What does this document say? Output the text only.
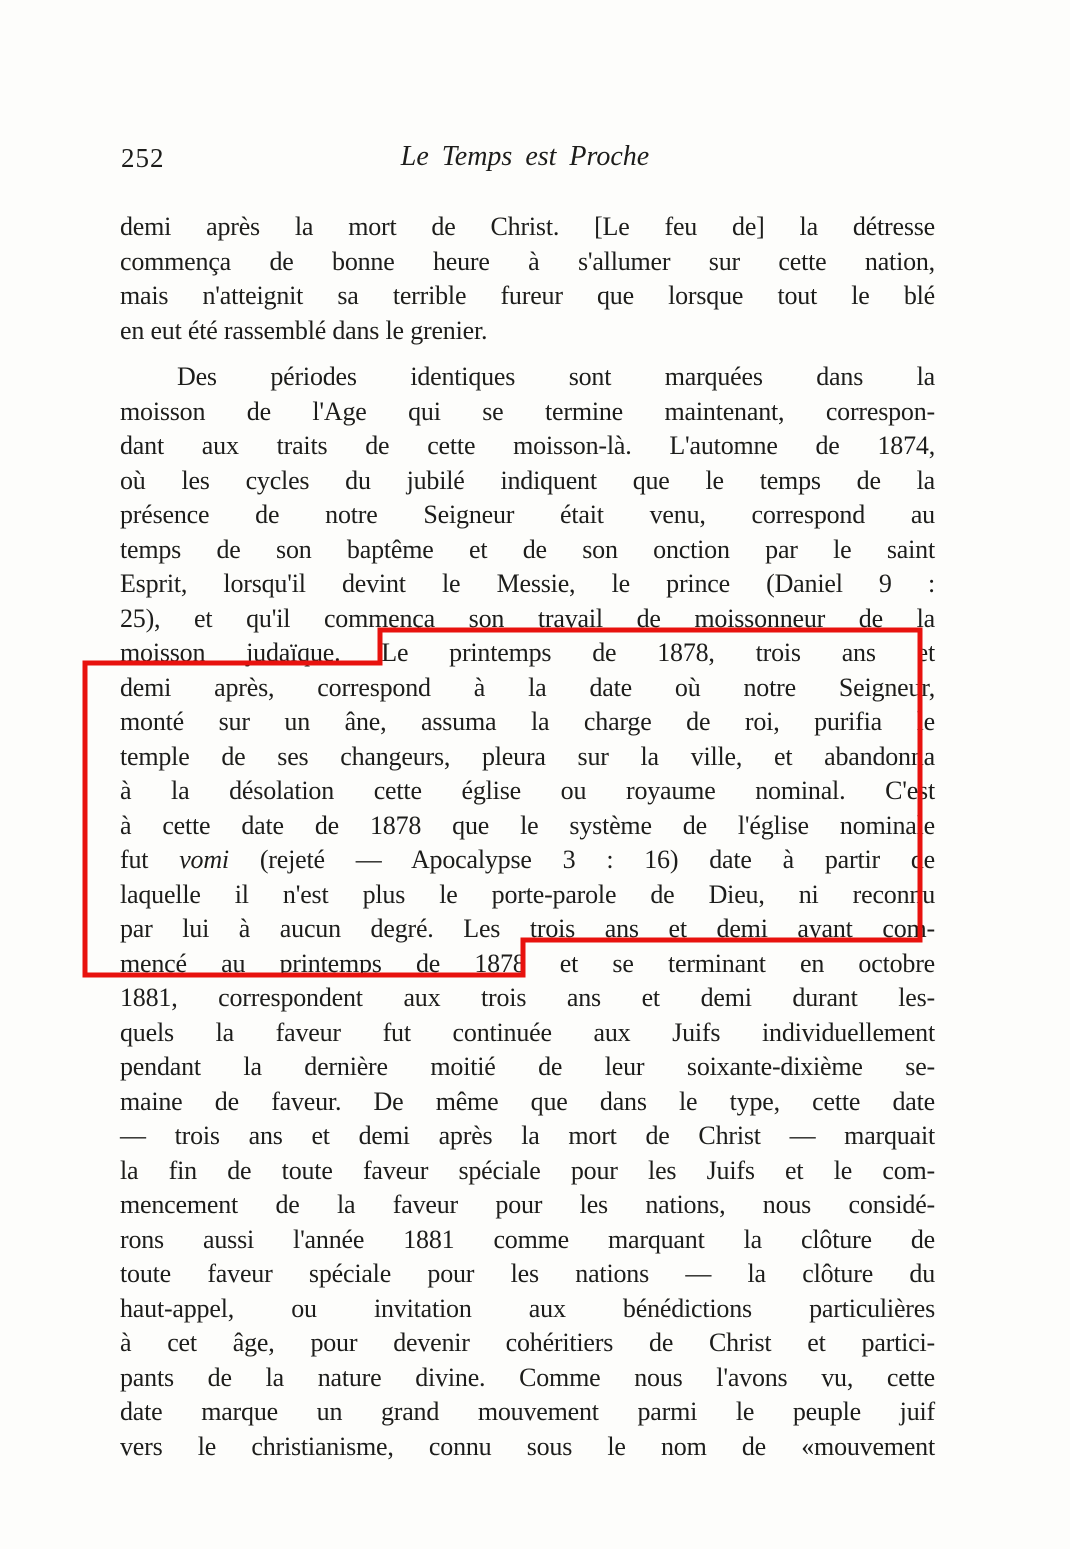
252	Le Temps est Proche
demi après la mort de Christ. [Le feu de] la détresse
commença de bonne heure à s'allumer sur cette nation,
mais n'atteignit sa terrible fureur que lorsque tout le blé
en eut été rassemblé dans le grenier.
Des périodes identiques sont marquées dans la
moisson de l'Age qui se termine maintenant, correspon-
dant aux traits de cette moisson-là. L'automne de 1874,
où les cycles du jubilé indiquent que le temps de la
présence de notre Seigneur était venu, correspond au
temps de son baptême et de son onction par le saint
Esprit, lorsqu'il devint le Messie, le prince (Daniel 9 :
25), et qu'il commença son travail de moissonneur de la
moisson judaïque. Le printemps de 1878, trois ans et
demi après, correspond à la date où notre Seigneur,
monté sur un âne, assuma la charge de roi, purifia le
temple de ses changeurs, pleura sur la ville, et abandonna
à la désolation cette église ou royaume nominal. C'est
à cette date de 1878 que le système de l'église nominale
fut vomi (rejeté — Apocalypse 3 : 16) date à partir de
laquelle il n'est plus le porte-parole de Dieu, ni reconnu
par lui à aucun degré. Les trois ans et demi ayant com-
mencé au printemps de 1878 et se terminant en octobre
1881, correspondent aux trois ans et demi durant les-
quels la faveur fut continuée aux Juifs individuellement
pendant la dernière moitié de leur soixante-dixième se-
maine de faveur. De même que dans le type, cette date
— trois ans et demi après la mort de Christ — marquait
la fin de toute faveur spéciale pour les Juifs et le com-
mencement de la faveur pour les nations, nous considé-
rons aussi l'année 1881 comme marquant la clôture de
toute faveur spéciale pour les nations — la clôture du
haut-appel, ou invitation aux bénédictions particulières
à cet âge, pour devenir cohéritiers de Christ et partici-
pants de la nature divine. Comme nous l'avons vu, cette
date marque un grand mouvement parmi le peuple juif
vers le christianisme, connu sous le nom de «mouvement
